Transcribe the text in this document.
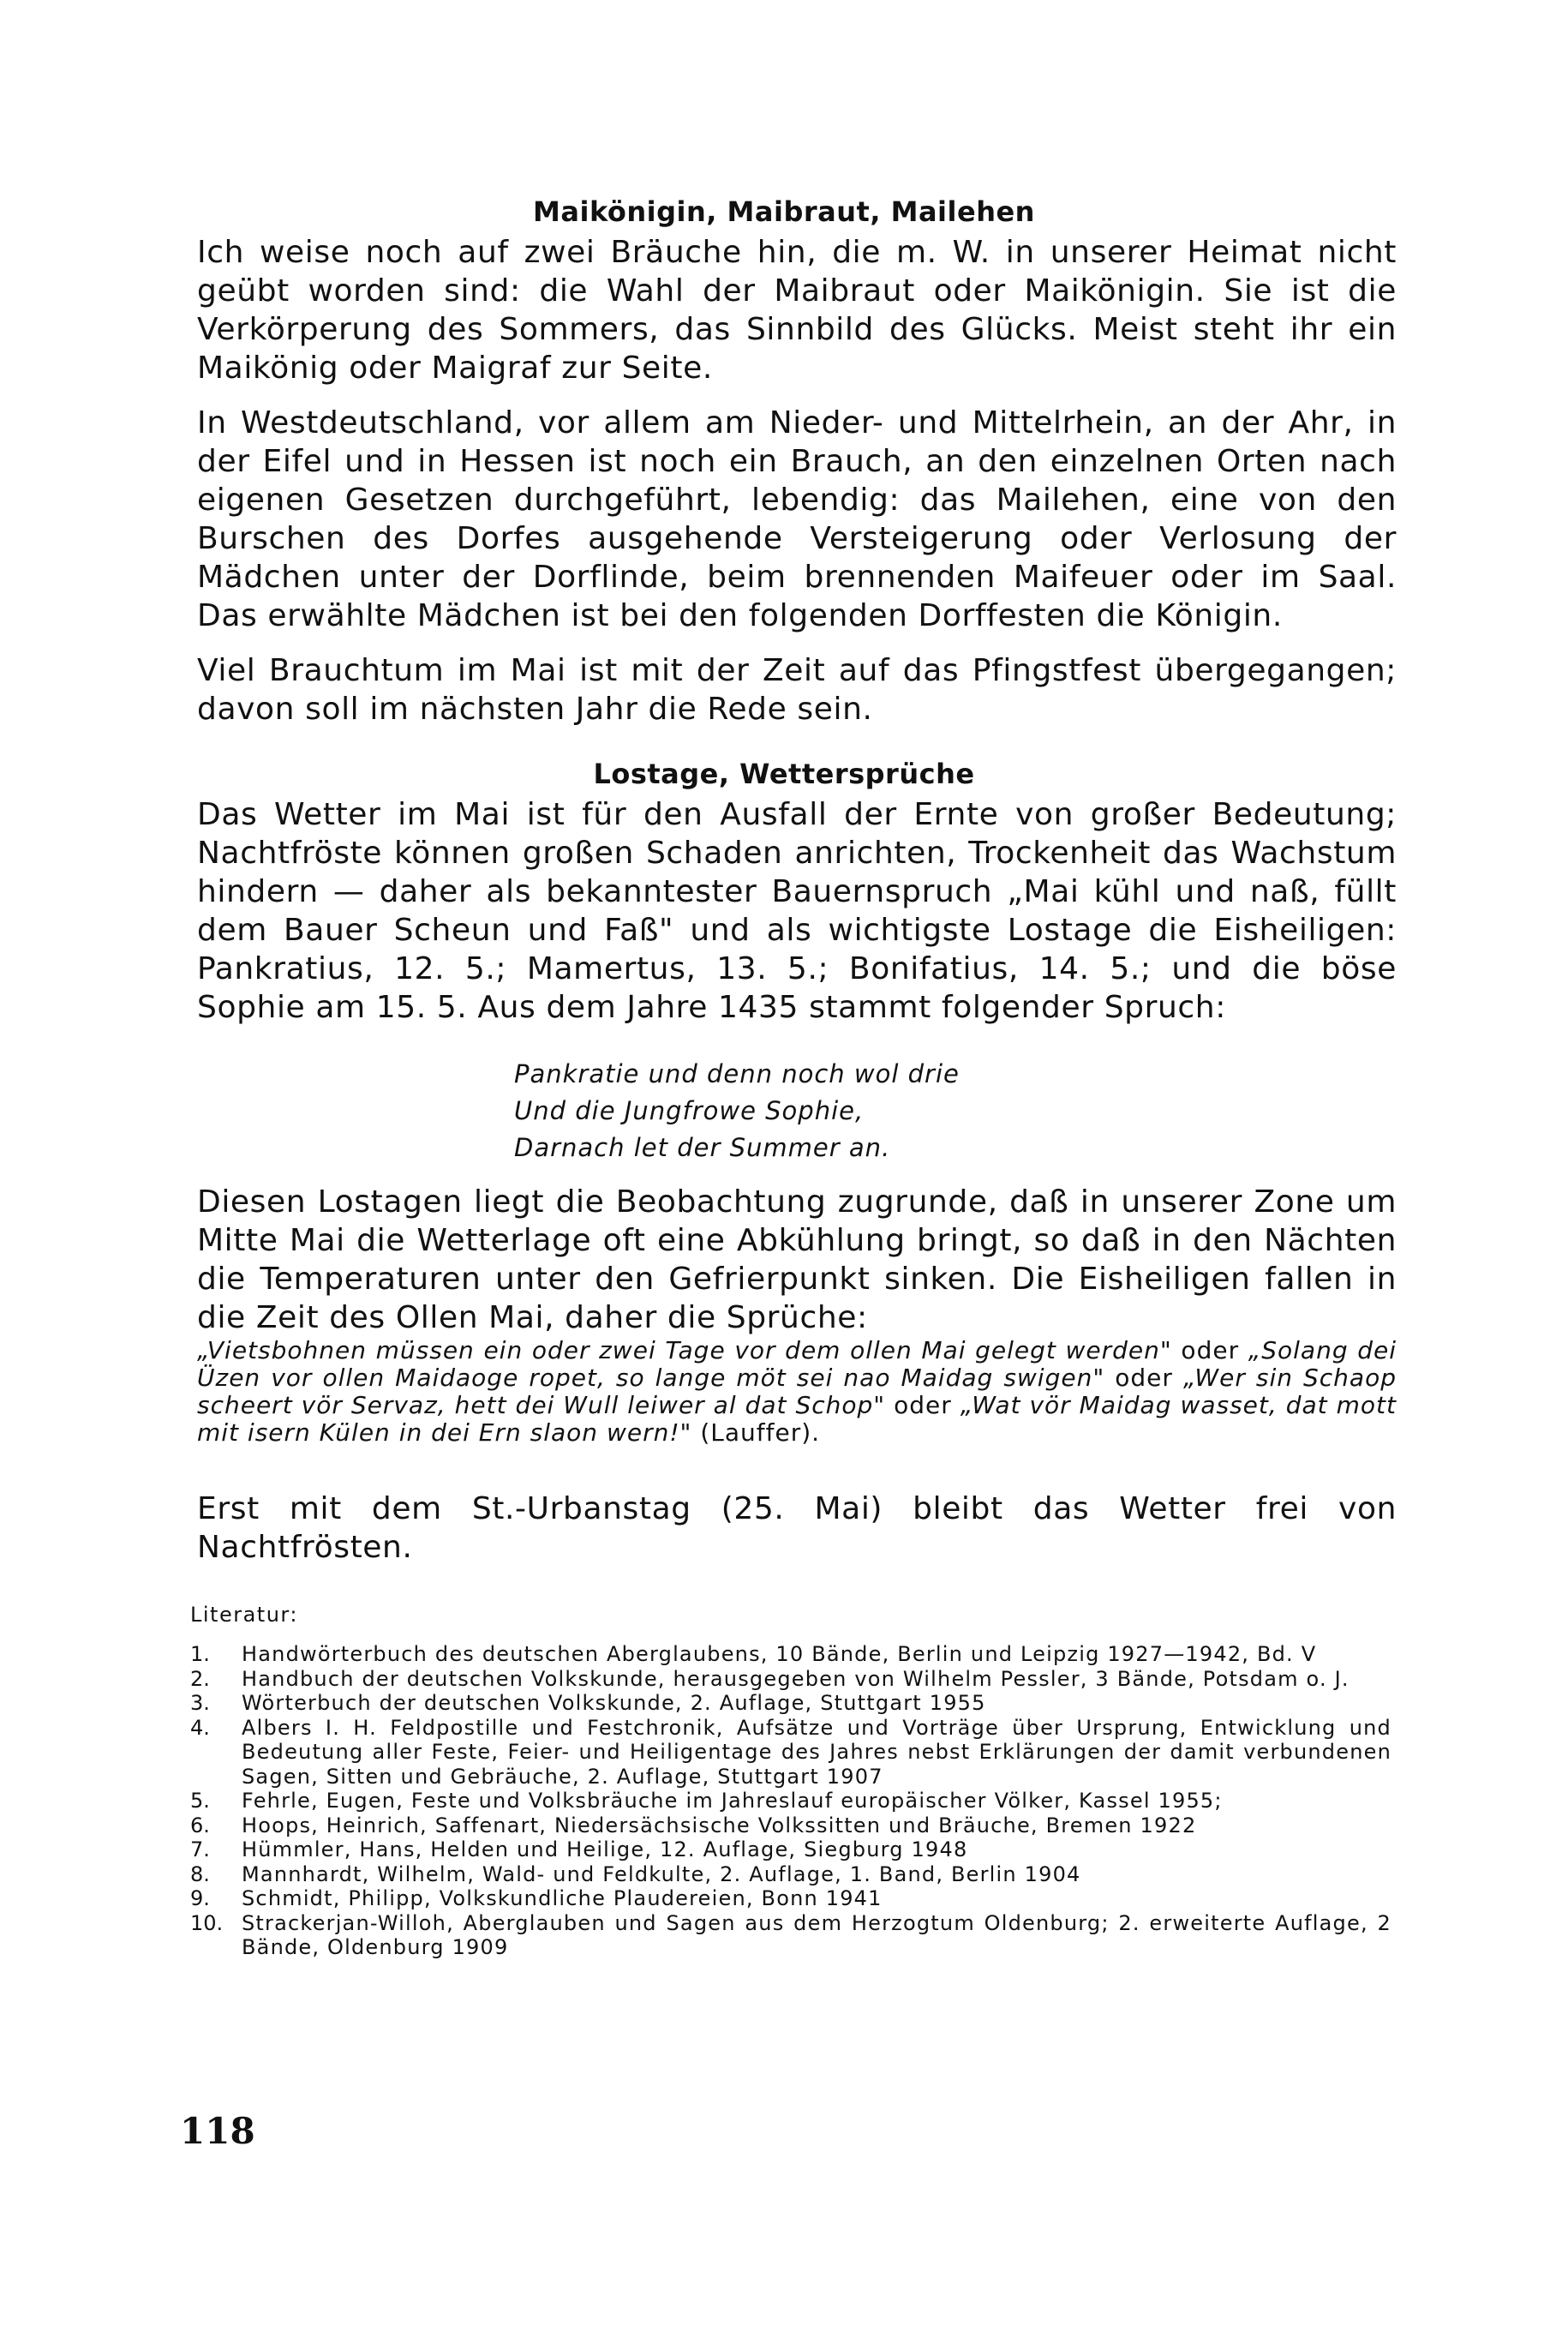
Maikönigin, Maibraut, Mailehen

Ich weise noch auf zwei Bräuche hin, die m. W. in unserer Heimat nicht geübt worden sind: die Wahl der Maibraut oder Maikönigin. Sie ist die Verkörperung des Sommers, das Sinnbild des Glücks. Meist steht ihr ein Maikönig oder Maigraf zur Seite.

In Westdeutschland, vor allem am Nieder- und Mittelrhein, an der Ahr, in der Eifel und in Hessen ist noch ein Brauch, an den einzelnen Orten nach eigenen Gesetzen durchgeführt, lebendig: das Mailehen, eine von den Burschen des Dorfes ausgehende Versteigerung oder Verlosung der Mädchen unter der Dorflinde, beim brennenden Maifeuer oder im Saal. Das erwählte Mädchen ist bei den folgenden Dorffesten die Königin.

Viel Brauchtum im Mai ist mit der Zeit auf das Pfingstfest übergegangen; davon soll im nächsten Jahr die Rede sein.

Lostage, Wettersprüche

Das Wetter im Mai ist für den Ausfall der Ernte von großer Bedeutung; Nachtfröste können großen Schaden anrichten, Trockenheit das Wachstum hindern — daher als bekanntester Bauernspruch „Mai kühl und naß, füllt dem Bauer Scheun und Faß" und als wichtigste Lostage die Eisheiligen: Pankratius, 12. 5.; Mamertus, 13. 5.; Bonifatius, 14. 5.; und die böse Sophie am 15. 5. Aus dem Jahre 1435 stammt folgender Spruch:

Pankratie und denn noch wol drie
Und die Jungfrowe Sophie,
Darnach let der Summer an.

Diesen Lostagen liegt die Beobachtung zugrunde, daß in unserer Zone um Mitte Mai die Wetterlage oft eine Abkühlung bringt, so daß in den Nächten die Temperaturen unter den Gefrierpunkt sinken. Die Eisheiligen fallen in die Zeit des Ollen Mai, daher die Sprüche:

„Vietsbohnen müssen ein oder zwei Tage vor dem ollen Mai gelegt werden" oder „Solang dei Üzen vor ollen Maidaoge ropet, so lange möt sei nao Maidag swigen" oder „Wer sin Schaop scheert vör Servaz, hett dei Wull leiwer al dat Schop" oder „Wat vör Maidag wasset, dat mott mit isern Külen in dei Ern slaon wern!" (Lauffer).

Erst mit dem St.-Urbanstag (25. Mai) bleibt das Wetter frei von Nachtfrösten.

Literatur:
1.	Handwörterbuch des deutschen Aberglaubens, 10 Bände, Berlin und Leipzig 1927—1942, Bd. V
2.	Handbuch der deutschen Volkskunde, herausgegeben von Wilhelm Pessler, 3 Bände, Potsdam o. J.
3.	Wörterbuch der deutschen Volkskunde, 2. Auflage, Stuttgart 1955
4.	Albers I. H. Feldpostille und Festchronik, Aufsätze und Vorträge über Ursprung, Entwicklung und Bedeutung aller Feste, Feier- und Heiligentage des Jahres nebst Erklärungen der damit verbundenen Sagen, Sitten und Gebräuche, 2. Auflage, Stuttgart 1907
5.	Fehrle, Eugen, Feste und Volksbräuche im Jahreslauf europäischer Völker, Kassel 1955;
6.	Hoops, Heinrich, Saffenart, Niedersächsische Volkssitten und Bräuche, Bremen 1922
7.	Hümmler, Hans, Helden und Heilige, 12. Auflage, Siegburg 1948
8.	Mannhardt, Wilhelm, Wald- und Feldkulte, 2. Auflage, 1. Band, Berlin 1904
9.	Schmidt, Philipp, Volkskundliche Plaudereien, Bonn 1941
10. Strackerjan-Willoh, Aberglauben und Sagen aus dem Herzogtum Oldenburg; 2. erweiterte Auflage, 2 Bände, Oldenburg 1909
118
